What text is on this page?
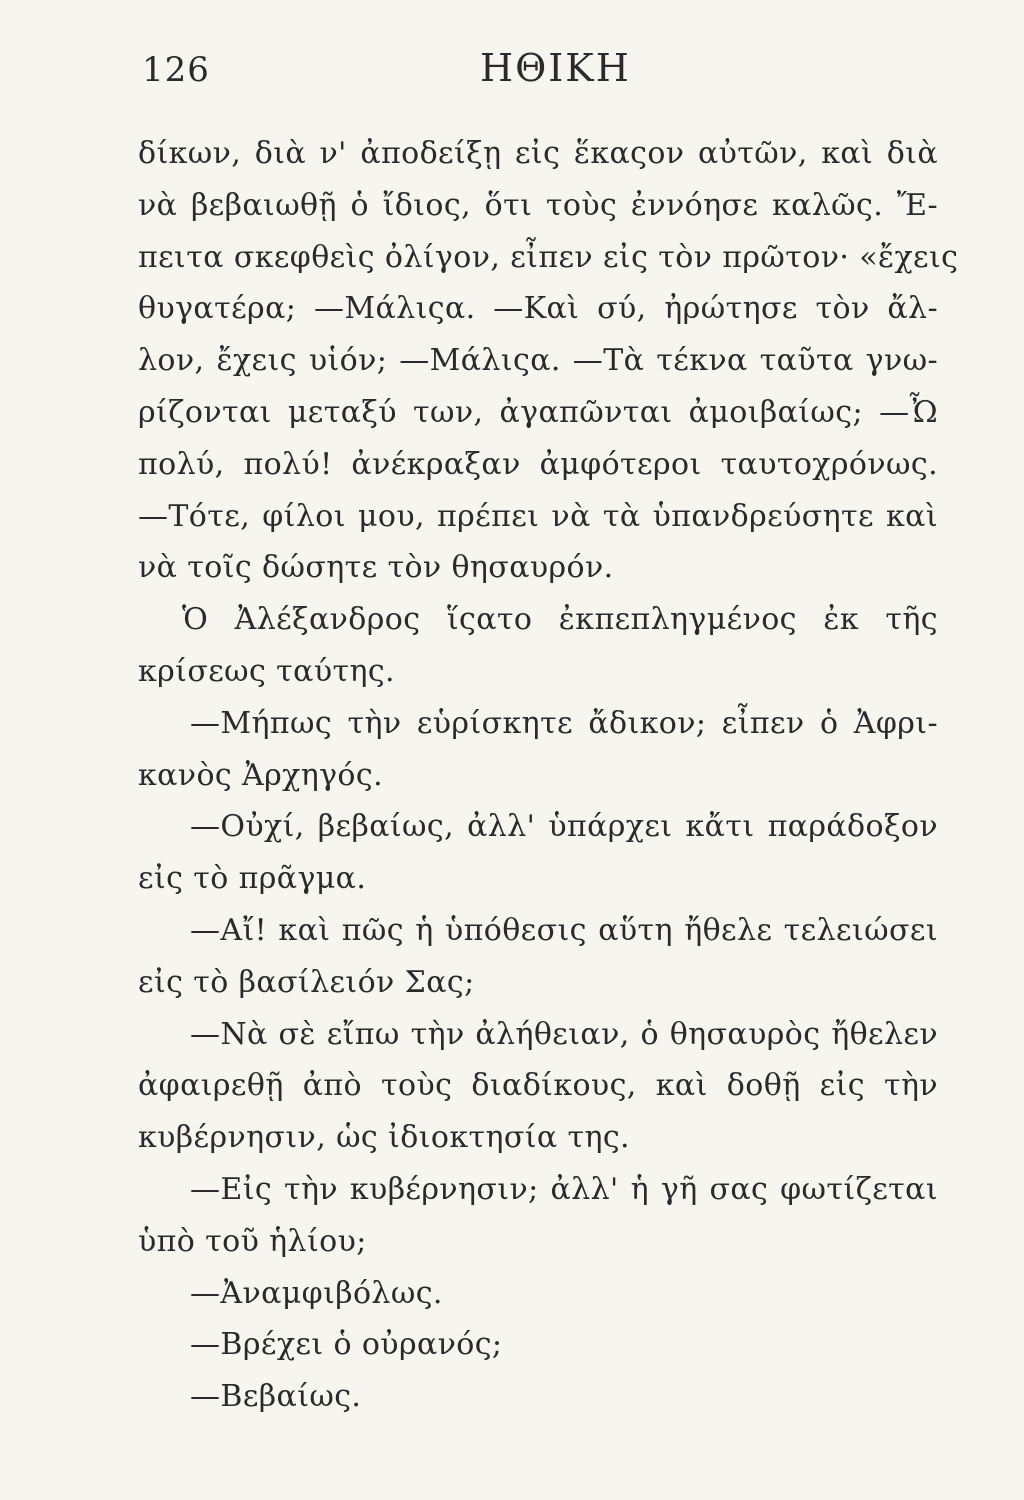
126	ΗΘΙΚΗ
δίκων, διὰ ν' ἀποδείξῃ εἰς ἕκαςον αὐτῶν, καὶ διὰ
νὰ βεβαιωθῇ ὁ ἴδιος, ὅτι τοὺς ἐννόησε καλῶς. Ἔ-
πειτα σκεφθεὶς ὀλίγον, εἶπεν εἰς τὸν πρῶτον· «ἔχεις
θυγατέρα; —Μάλιςα. —Καὶ σύ, ἠρώτησε τὸν ἄλ-
λον, ἔχεις υἱόν; —Μάλιςα. —Τὰ τέκνα ταῦτα γνω-
ρίζονται μεταξύ των, ἀγαπῶνται ἀμοιβαίως; —Ὦ
πολύ, πολύ! ἀνέκραξαν ἀμφότεροι ταυτοχρόνως.
—Τότε, φίλοι μου, πρέπει νὰ τὰ ὑπανδρεύσητε καὶ
νὰ τοῖς δώσητε τὸν θησαυρόν.
Ὁ Ἀλέξανδρος ἵςατο ἐκπεπληγμένος ἐκ τῆς
κρίσεως ταύτης.
—Μήπως τὴν εὑρίσκητε ἄδικον; εἶπεν ὁ Ἀφρι-
κανὸς Ἀρχηγός.
—Οὐχί, βεβαίως, ἀλλ' ὑπάρχει κἄτι παράδοξον
εἰς τὸ πρᾶγμα.
—Αἴ! καὶ πῶς ἡ ὑπόθεσις αὕτη ἤθελε τελειώσει
εἰς τὸ βασίλειόν Σας;
—Νὰ σὲ εἴπω τὴν ἀλήθειαν, ὁ θησαυρὸς ἤθελεν
ἀφαιρεθῇ ἀπὸ τοὺς διαδίκους, καὶ δοθῇ εἰς τὴν
κυβέρνησιν, ὡς ἰδιοκτησία της.
—Εἰς τὴν κυβέρνησιν; ἀλλ' ἡ γῆ σας φωτίζεται
ὑπὸ τοῦ ἡλίου;
—Ἀναμφιβόλως.
—Βρέχει ὁ οὐρανός;
—Βεβαίως.
